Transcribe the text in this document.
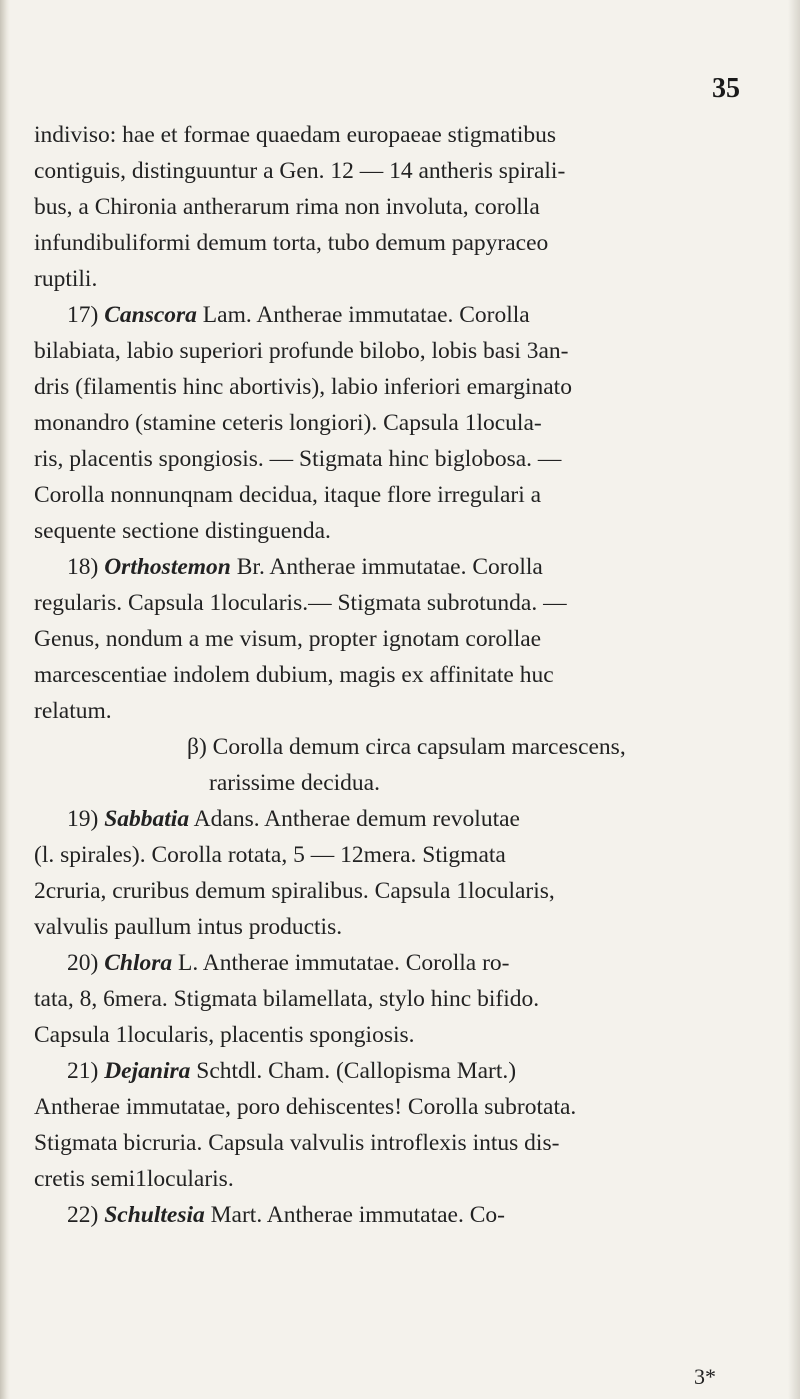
35
indiviso: hae et formae quaedam europaeae stigmatibus
contiguis, distinguuntur a Gen. 12 — 14 antheris spirali-
bus, a Chironia antherarum rima non involuta, corolla
infundibuliformi demum torta, tubo demum papyraceo
ruptili.
17) Canscora Lam. Antherae immutatae. Corolla
bilabiata, labio superiori profunde bilobo, lobis basi 3an-
dris (filamentis hinc abortivis), labio inferiori emarginato
monandro (stamine ceteris longiori). Capsula 1locula-
ris, placentis spongiosis. — Stigmata hinc biglobosa. —
Corolla nonnunqnam decidua, itaque flore irregulari a
sequente sectione distinguenda.
18) Orthostemon Br. Antherae immutatae. Corolla
regularis. Capsula 1locularis.— Stigmata subrotunda. —
Genus, nondum a me visum, propter ignotam corollae
marcescentiae indolem dubium, magis ex affinitate huc
relatum.
β) Corolla demum circa capsulam marcescens,
rarissime decidua.
19) Sabbatia Adans. Antherae demum revolutae
(l. spirales). Corolla rotata, 5 — 12mera. Stigmata
2cruria, cruribus demum spiralibus. Capsula 1locularis,
valvulis paullum intus productis.
20) Chlora L. Antherae immutatae. Corolla ro-
tata, 8, 6mera. Stigmata bilamellata, stylo hinc bifido.
Capsula 1locularis, placentis spongiosis.
21) Dejanira Schtdl. Cham. (Callopisma Mart.)
Antherae immutatae, poro dehiscentes! Corolla subrotata.
Stigmata bicruria. Capsula valvulis introflexis intus dis-
cretis semi1locularis.
22) Schultesia Mart. Antherae immutatae. Co-
3*
